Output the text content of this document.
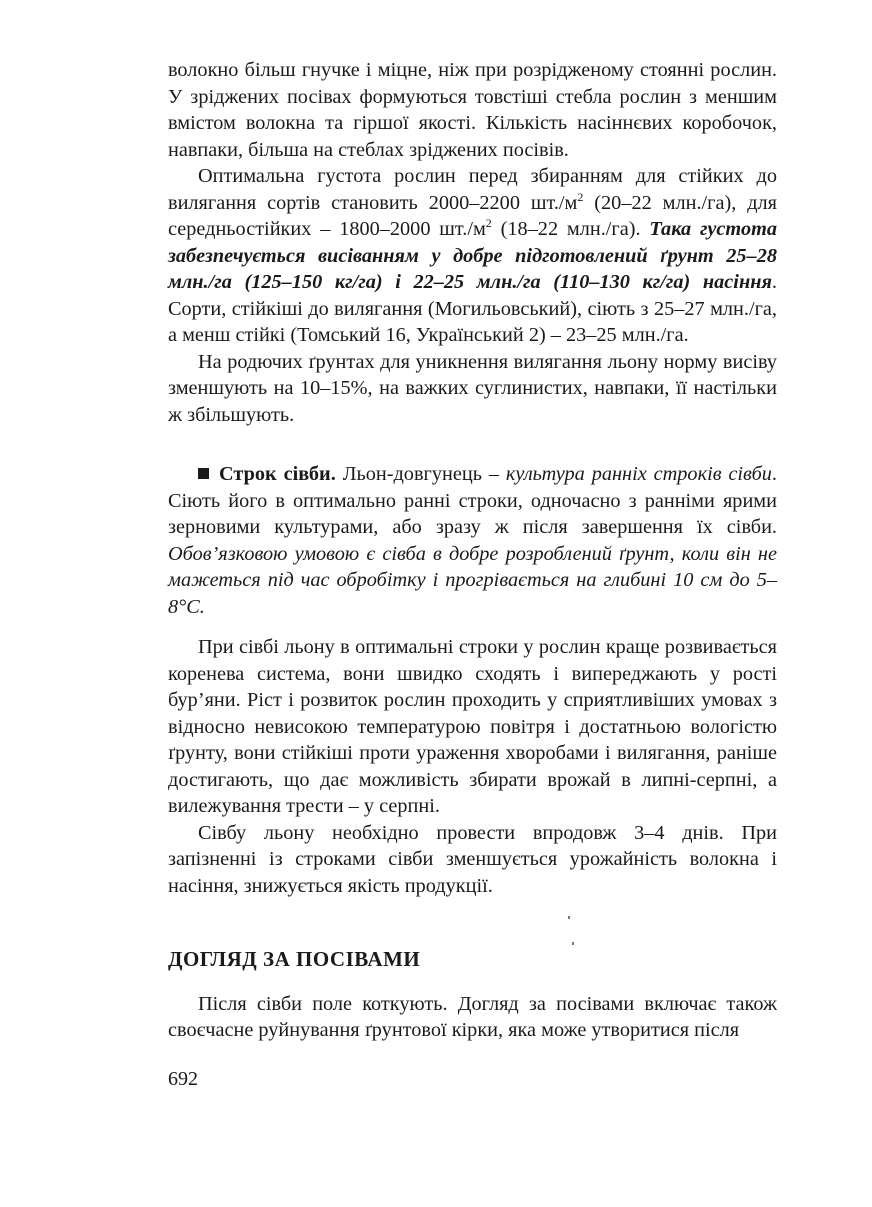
волокно більш гнучке і міцне, ніж при розрідженому стоянні рослин. У зріджених посівах формуються товстіші стебла рослин з меншим вмістом волокна та гіршої якості. Кількість насіннєвих коробочок, навпаки, більша на стеблах зріджених посівів.

Оптимальна густота рослин перед збиранням для стійких до вилягання сортів становить 2000–2200 $шт./м^2$ (20–22 млн./га), для середньостійких – 1800–2000 $шт./м^2$ (18–22 млн./га). Така густота забезпечується висіванням у добре підготовлений ґрунт 25–28 млн./га (125–150 кг/га) і 22–25 млн./га (110–130 кг/га) насіння. Сорти, стійкіші до вилягання (Могильовський), сіють з 25–27 млн./га, а менш стійкі (Томський 16, Український 2) – 23–25 млн./га.

На родючих ґрунтах для уникнення вилягання льону норму висіву зменшують на 10–15%, на важких суглинистих, навпаки, її настільки ж збільшують.

Строк сівби. Льон-довгунець – культура ранніх строків сівби. Сіють його в оптимально ранні строки, одночасно з ранніми ярими зерновими культурами, або зразу ж після завершення їх сівби. Обов’язковою умовою є сівба в добре розроблений ґрунт, коли він не мажеться під час обробітку і прогрівається на глибині 10 см до 5–8°С.

При сівбі льону в оптимальні строки у рослин краще розвивається коренева система, вони швидко сходять і випереджають у рості бур’яни. Ріст і розвиток рослин проходить у сприятливіших умовах з відносно невисокою температурою повітря і достатньою вологістю ґрунту, вони стійкіші проти ураження хворобами і вилягання, раніше достигають, що дає можливість збирати врожай в липні-серпні, а вилежування трести – у серпні.

Сівбу льону необхідно провести впродовж 3–4 днів. При запізненні із строками сівби зменшується урожайність волокна і насіння, знижується якість продукції.

ДОГЛЯД ЗА ПОСІВАМИ

Після сівби поле коткують. Догляд за посівами включає також своєчасне руйнування ґрунтової кірки, яка може утворитися після

692
